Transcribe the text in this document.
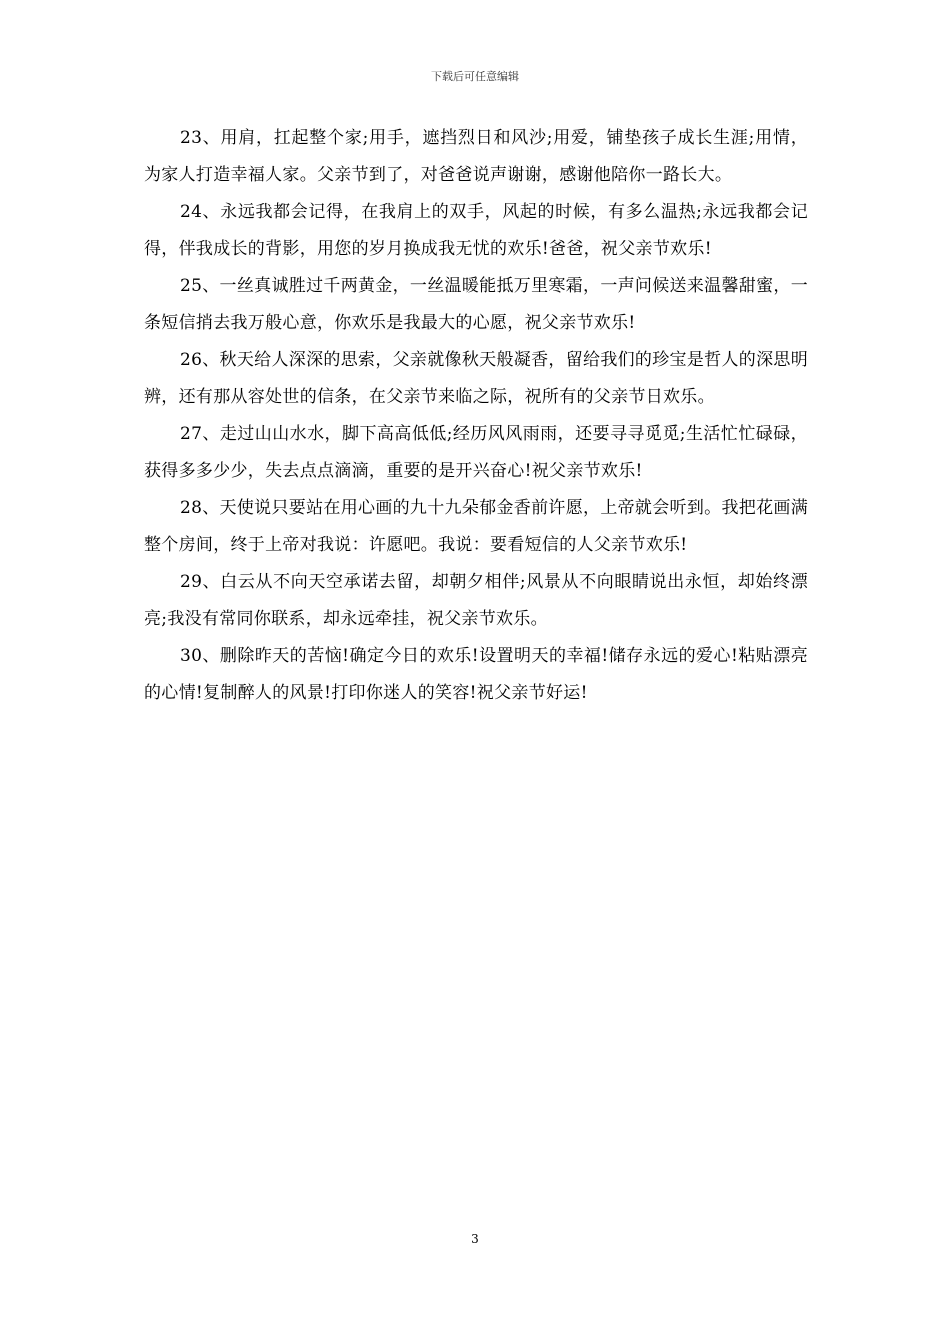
下载后可任意编辑

23、用肩，扛起整个家;用手，遮挡烈日和风沙;用爱，铺垫孩子成长生涯;用情，为家人打造幸福人家。父亲节到了，对爸爸说声谢谢，感谢他陪你一路长大。

24、永远我都会记得，在我肩上的双手，风起的时候，有多么温热;永远我都会记得，伴我成长的背影，用您的岁月换成我无忧的欢乐!爸爸，祝父亲节欢乐!

25、一丝真诚胜过千两黄金，一丝温暖能抵万里寒霜，一声问候送来温馨甜蜜，一条短信捎去我万般心意，你欢乐是我最大的心愿，祝父亲节欢乐!

26、秋天给人深深的思索，父亲就像秋天般凝香，留给我们的珍宝是哲人的深思明辨，还有那从容处世的信条，在父亲节来临之际，祝所有的父亲节日欢乐。

27、走过山山水水，脚下高高低低;经历风风雨雨，还要寻寻觅觅;生活忙忙碌碌，获得多多少少，失去点点滴滴，重要的是开兴奋心!祝父亲节欢乐!

28、天使说只要站在用心画的九十九朵郁金香前许愿，上帝就会听到。我把花画满整个房间，终于上帝对我说：许愿吧。我说：要看短信的人父亲节欢乐!

29、白云从不向天空承诺去留，却朝夕相伴;风景从不向眼睛说出永恒，却始终漂亮;我没有常同你联系，却永远牵挂，祝父亲节欢乐。

30、删除昨天的苦恼!确定今日的欢乐!设置明天的幸福!储存永远的爱心!粘贴漂亮的心情!复制醉人的风景!打印你迷人的笑容!祝父亲节好运!

3
